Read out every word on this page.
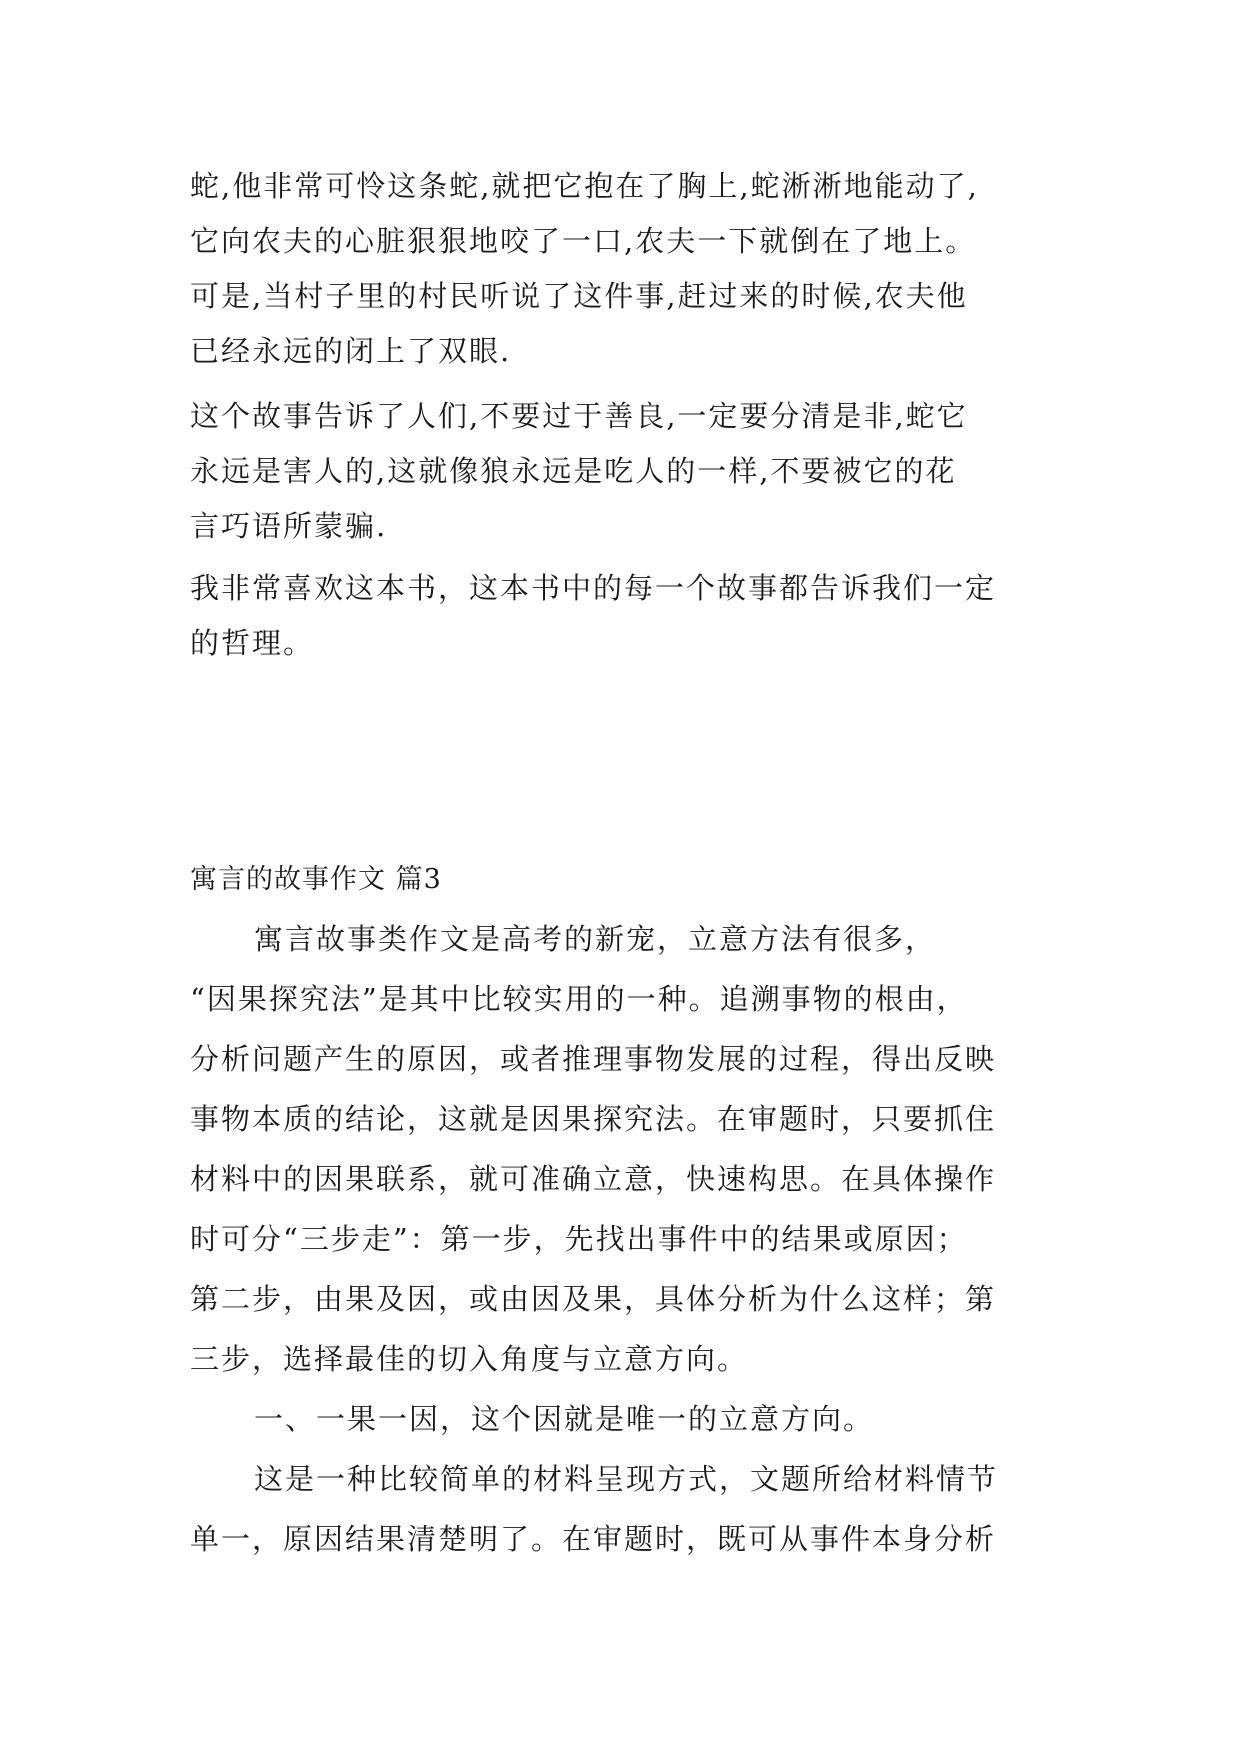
蛇,他非常可怜这条蛇,就把它抱在了胸上,蛇淅淅地能动了,
它向农夫的心脏狠狠地咬了一口,农夫一下就倒在了地上。
可是,当村子里的村民听说了这件事,赶过来的时候,农夫他
已经永远的闭上了双眼.
这个故事告诉了人们,不要过于善良,一定要分清是非,蛇它
永远是害人的,这就像狼永远是吃人的一样,不要被它的花
言巧语所蒙骗.
我非常喜欢这本书，这本书中的每一个故事都告诉我们一定
的哲理。
寓言的故事作文 篇3
寓言故事类作文是高考的新宠，立意方法有很多，
“因果探究法”是其中比较实用的一种。追溯事物的根由，
分析问题产生的原因，或者推理事物发展的过程，得出反映
事物本质的结论，这就是因果探究法。在审题时，只要抓住
材料中的因果联系，就可准确立意，快速构思。在具体操作
时可分“三步走”：第一步，先找出事件中的结果或原因；
第二步，由果及因，或由因及果，具体分析为什么这样；第
三步，选择最佳的切入角度与立意方向。
一、一果一因，这个因就是唯一的立意方向。
这是一种比较简单的材料呈现方式，文题所给材料情节
单一，原因结果清楚明了。在审题时，既可从事件本身分析
